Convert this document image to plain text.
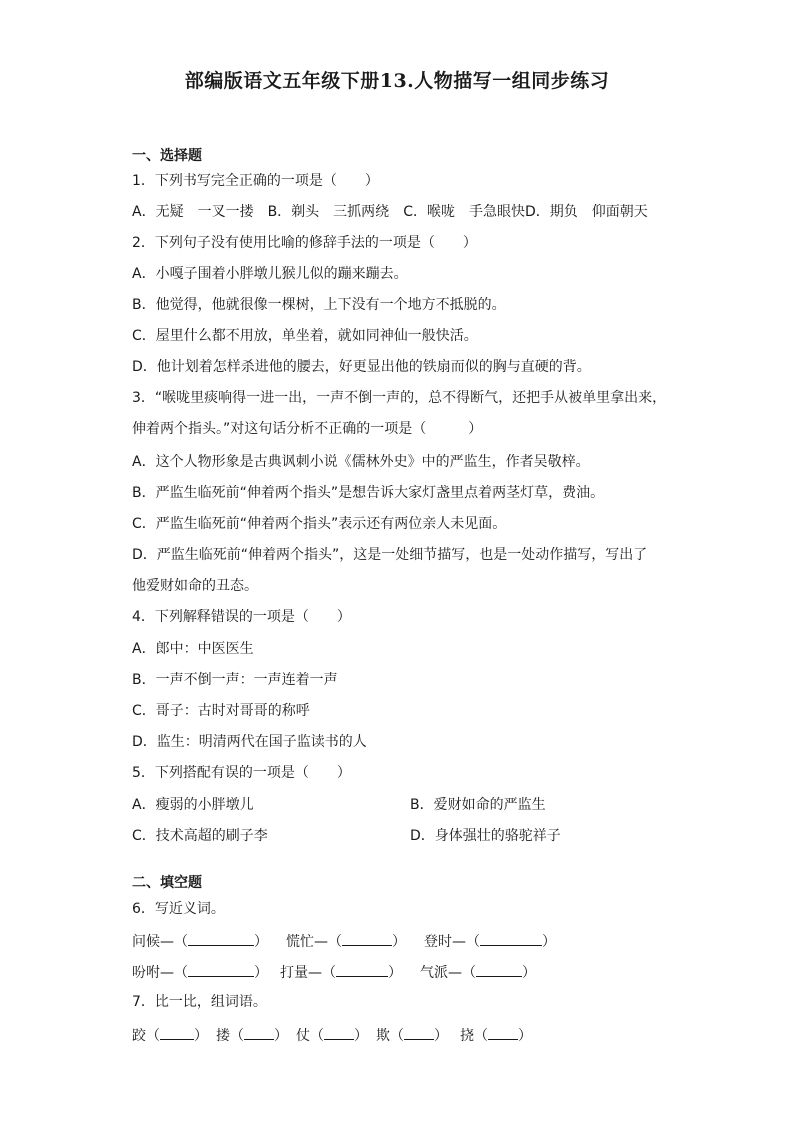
部编版语文五年级下册13.人物描写一组同步练习
一、选择题
1．下列书写完全正确的一项是（　　）
A．无疑　一叉一搂 B．剃头　三抓两绕 C．喉咙　手急眼快D．期负　仰面朝天
2．下列句子没有使用比喻的修辞手法的一项是（　　）
A．小嘎子围着小胖墩儿猴儿似的蹦来蹦去。
B．他觉得，他就很像一棵树，上下没有一个地方不抵脱的。
C．屋里什么都不用放，单坐着，就如同神仙一般快活。
D．他计划着怎样杀进他的腰去，好更显出他的铁扇而似的胸与直硬的背。
3．“喉咙里痰响得一进一出，一声不倒一声的，总不得断气，还把手从被单里拿出来，
伸着两个指头。”对这句话分析不正确的一项是（　　　）
A．这个人物形象是古典讽刺小说《儒林外史》中的严监生，作者吴敬梓。
B．严监生临死前“伸着两个指头”是想告诉大家灯盏里点着两茎灯草，费油。
C．严监生临死前“伸着两个指头”表示还有两位亲人未见面。
D．严监生临死前“伸着两个指头”，这是一处细节描写，也是一处动作描写，写出了
他爱财如命的丑态。
4．下列解释错误的一项是（　　）
A．郎中：中医医生
B．一声不倒一声：一声连着一声
C．哥子：古时对哥哥的称呼
D．监生：明清两代在国子监读书的人
5．下列搭配有误的一项是（　　）
A．瘦弱的小胖墩儿	B．爱财如命的严监生
C．技术高超的刷子李	D．身体强壮的骆驼祥子
二、填空题
6．写近义词。
问候—（	） 慌忙—（	） 登时—（	）
吩咐—（	） 打量—（	） 气派—（	）
7．比一比，组词语。
跤（ ） 搂（ ） 仗（ ） 欺（ ） 挠（ ）
